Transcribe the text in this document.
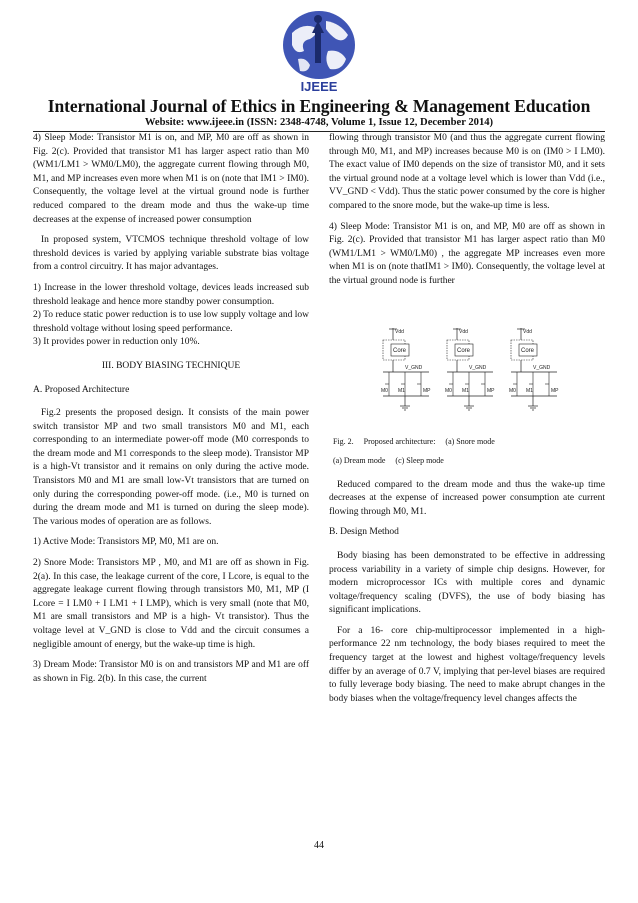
IJEEE
International Journal of Ethics in Engineering & Management Education
Website: www.ijeee.in (ISSN: 2348-4748, Volume 1, Issue 12, December 2014)

4) Sleep Mode: Transistor M1 is on, and MP, M0 are off as shown in Fig. 2(c). Provided that transistor M1 has larger aspect ratio than M0 (WM1/LM1 > WM0/LM0), the aggregate current flowing through M0, M1, and MP increases even more when M1 is on (note that IM1 > IM0). Consequently, the voltage level at the virtual ground node is further reduced compared to the dream mode and thus the wake-up time decreases at the expense of increased power consumption

In proposed system, VTCMOS technique threshold voltage of low threshold devices is varied by applying variable substrate bias voltage from a control circuitry. It has major advantages.

1) Increase in the lower threshold voltage, devices leads increased sub threshold leakage and hence more standby power consumption.

2) To reduce static power reduction is to use low supply voltage and low threshold voltage without losing speed performance.

3) It provides power in reduction only 10%.

III. BODY BIASING TECHNIQUE

A. Proposed Architecture

Fig.2 presents the proposed design. It consists of the main power switch transistor MP and two small transistors M0 and M1, each corresponding to an intermediate power-off mode (M0 corresponds to the dream mode and M1 corresponds to the sleep mode). Transistor MP is a high-Vt transistor and it remains on only during the active mode. Transistors M0 and M1 are small low-Vt transistors that are turned on only during the corresponding power-off mode. (i.e., M0 is turned on during the dream mode and M1 is turned on during the sleep mode). The various modes of operation are as follows.

1) Active Mode: Transistors MP, M0, M1 are on.

2) Snore Mode: Transistors MP , M0, and M1 are off as shown in Fig. 2(a). In this case, the leakage current of the core, I Lcore, is equal to the aggregate leakage current flowing through transistors M0, M1, MP (I Lcore = I LM0 + I LM1 + I LMP), which is very small (note that M0, M1 are small transistors and MP is a high- Vt transistor). Thus the voltage level at V_GND is close to Vdd and the circuit consumes a negligible amount of energy, but the wake-up time is high.

3) Dream Mode: Transistor M0 is on and transistors MP and M1 are off as shown in Fig. 2(b). In this case, the current

flowing through transistor M0 (and thus the aggregate current flowing through M0, M1, and MP) increases because M0 is on (IM0 > I LM0). The exact value of IM0 depends on the size of transistor M0, and it sets the virtual ground node at a voltage level which is lower than Vdd (i.e., VV_GND < Vdd). Thus the static power consumed by the core is higher compared to the snore mode, but the wake-up time is less.

4) Sleep Mode: Transistor M1 is on, and MP, M0 are off as shown in Fig. 2(c). Provided that transistor M1 has larger aspect ratio than M0 (WM1/LM1 > WM0/LM0) , the aggregate MP increases even more when M1 is on (note thatIM1 > IM0). Consequently, the voltage level at the virtual ground node is further

Vdd
Core
V_GND
M0 M1	MP

Fig. 2. Proposed architecture: (a) Snore mode

(a) Dream mode (c) Sleep mode

Reduced compared to the dream mode and thus the wake-up time decreases at the expense of increased power consumption ate current flowing through M0, M1.

B. Design Method

Body biasing has been demonstrated to be effective in addressing process variability in a variety of simple chip designs. However, for modern microprocessor ICs with multiple cores and dynamic voltage/frequency scaling (DVFS), the use of body biasing has significant implications.

For a 16- core chip-multiprocessor implemented in a high-performance 22 nm technology, the body biases required to meet the frequency target at the lowest and highest voltage/frequency levels differ by an average of 0.7 V, implying that per-level biases are required to fully leverage body biasing. The need to make abrupt changes in the body biases when the voltage/frequency level changes affects the

44
